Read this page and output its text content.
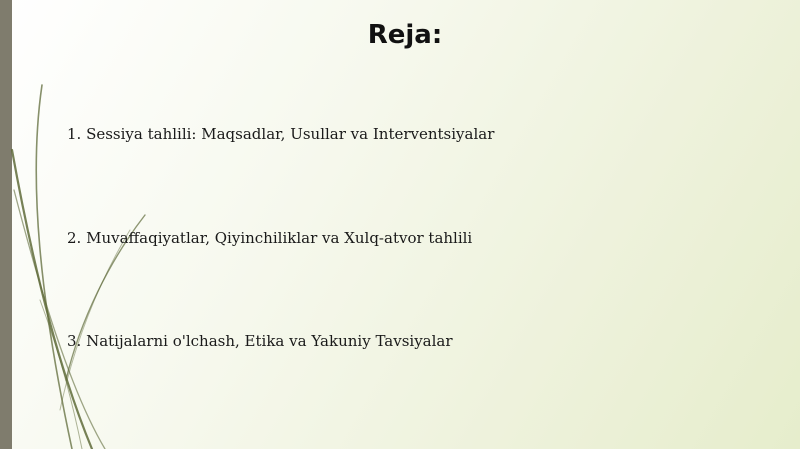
Reja:

1. Sessiya tahlili: Maqsadlar, Usullar va Interventsiyalar

2. Muvaffaqiyatlar, Qiyinchiliklar va Xulq-atvor tahlili

3. Natijalarni o'lchash, Etika va Yakuniy Tavsiyalar
